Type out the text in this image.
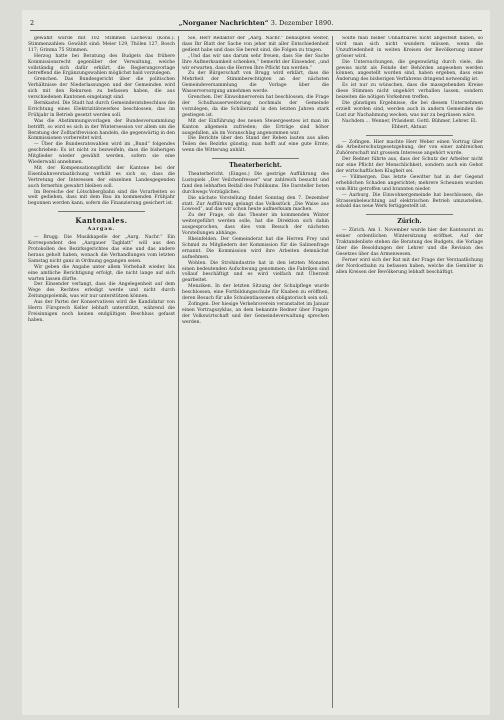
2	„Norganer Nachrichten“ 3. Dezember 1890.

gewählt wurde mit 102 Stimmen Lacheval (Kons.). Stimmenzahlen: Gewählt sind: Meier 129, Thölen 127, Bosch 117; Grinma 75 Stimmen.

Herzog hatte bei Beratung des Budgets das frühere Kommissionsrecht gegenüber der Verwaltung, welche vollständig sich dafür erklärt, die Regierungsvorlage betreffend die Ergänzungswahlen möglichst bald vorzulegen.

Grenchen. Das Bundesgericht über die politischen Verhältnisse der Niederlassungen und der Gemeinden wird sich mit den Rekursen zu befassen haben, die aus verschiedenen Kantonen eingelangt sind.

Bernkastel. Die Stadt hat durch Gemeinderatsbeschluss die Errichtung eines Elektrizitätswerkes beschlossen, das im Frühjahr in Betrieb gesetzt werden soll.

Was die Abstimmungsvorlagen der Bundesversammlung betrifft, so wird es sich in der Wintersession vor allem um die Beratung der Zolltarifrevision handeln, die gegenwärtig in den Kommissionen vorbereitet wird.

— Über die Bundesratswahlen wird im „Bund“ folgendes geschrieben: Es ist nicht zu bezweifeln, dass die bisherigen Mitglieder wieder gewählt werden, sofern sie eine Wiederwahl annehmen.

Mit der Kompensationspflicht der Kantone bei der Eisenbahnverstaatlichung verhält es sich so, dass die Vertretung der Interessen der einzelnen Landesgegenden auch fernerhin gewahrt bleiben soll.

Im Bereiche der Lötschbergbahn sind die Vorarbeiten so weit gediehen, dass mit dem Bau im kommenden Frühjahr begonnen werden kann, sofern die Finanzierung gesichert ist.

Kantonales.
Aargau.

— Brugg. Die Musikkapelle der „Aarg. Nachr.“ Ein Korrespondent des „Aargauer Tagblatt“ will aus den Protokollen des Bezirksgerichtes das eine und das andere heraus geholt haben, wonach die Verhandlungen vom letzten Samstag nicht ganz in Ordnung gegangen seien.

Wir geben die Angabe unter allem Vorbehalt wieder, bis eine amtliche Berichtigung erfolgt, die nicht lange auf sich warten lassen dürfte.

Der Einsender verlangt, dass die Angelegenheit auf dem Wege des Rechtes erledigt werde und nicht durch Zeitungspolemik, was wir nur unterstützen können.

Aus der Partei der Konservativen wird die Kandidatur von Herrn Fürsprech Keller lebhaft unterstützt, während die Freisinnigen noch keinen endgültigen Beschluss gefasst haben.

Sie, Herr Redaktor der „Aarg. Nachr.“ behaupten weiter, dass Ihr Blatt der Sache von jeher mit aller Entschiedenheit gedient habe und dass Sie bereit sind, die Folgen zu tragen.

„Und das wir uns darum sehr freuen, dass Sie der Sache Ihre Aufmerksamkeit schenken,“ bemerkt der Einsender, „und wir erwarten, dass die Herren Ihre Pflicht tun werden.“

Zu der Bürgerschaft von Brugg wird erklärt, dass die Mehrheit der Stimmberechtigten an der nächsten Gemeindeversammlung die Vorlage über die Wasserversorgung annehmen werde.

Grenchen. Der Einwohnerverein hat beschlossen, die Frage der Schulhauserweiterung nochmals der Gemeinde vorzulegen, da die Schülerzahl in den letzten Jahren stark gestiegen ist.

Mit der Einführung des neuen Steuergesetzes ist man im Kanton allgemein zufrieden; die Erträge sind höher ausgefallen, als im Voranschlag angenommen war.

Die Berichte über den Stand der Reben lauten aus allen Teilen des Bezirks günstig; man hofft auf eine gute Ernte, wenn die Witterung anhält.

Theaterbericht.

Theaterbericht. (Einges.) Die gestrige Aufführung des Lustspiels „Der Veilchenfresser“ war zahlreich besucht und fand den lebhaften Beifall des Publikums. Die Darsteller boten durchwegs Vorzügliches.

Die nächste Vorstellung findet Sonntag den 7. Dezember statt. Zur Aufführung gelangt das Volksstück „Die Waise aus Lowood“, auf das wir schon heute aufmerksam machen.

Zu der Frage, ob das Theater im kommenden Winter weitergeführt werden solle, hat die Direktion sich dahin ausgesprochen, dass dies vom Besuch der nächsten Vorstellungen abhänge.

Rheinfelden. Der Gemeinderat hat die Herren Frey und Schmid zu Mitgliedern der Kommission für die Salinenfrage ernannt. Die Kommission wird ihre Arbeiten demnächst aufnehmen.

Wohlen. Die Strohindustrie hat in den letzten Monaten einen bedeutenden Aufschwung genommen; die Fabriken sind vollauf beschäftigt und es wird vielfach mit Überzeit gearbeitet.

Menziken. In der letzten Sitzung der Schulpflege wurde beschlossen, eine Fortbildungsschule für Knaben zu eröffnen, deren Besuch für alle Schulentlassenen obligatorisch sein soll.

Zofingen. Der hiesige Verkehrsverein veranstaltet im Januar einen Vortragszyklus, an dem bekannte Redner über Fragen der Volkswirtschaft und der Gemeindeverwaltung sprechen werden.

Sollte man bisher Unhaltbares nicht abgestellt haben, so wird man sich nicht wundern müssen, wenn die Unzufriedenheit in weiten Kreisen der Bevölkerung immer grösser wird.

Die Untersuchungen, die gegenwärtig durch viele, die gewiss nicht als Feinde der Behörden angesehen werden können, angestellt worden sind, haben ergeben, dass eine Änderung des bisherigen Verfahrens dringend notwendig ist.

Es ist nur zu wünschen, dass die massgebenden Kreise diese Stimmen nicht ungehört verhallen lassen, sondern beizeiten die nötigen Vorkehren treffen.

Die günstigen Ergebnisse, die bei diesem Unternehmen erzielt worden sind, werden auch in andern Gemeinden die Lust zur Nachahmung wecken, was nur zu begrüssen wäre.

Nachdem ... Wenner, Präsident. Gottl. Bühmer, Lehrer. El. Ebbert, Aktuar.

— Zofingen. Hier machte Herr Weber einen Vortrag über die Arbeiterschutzgesetzgebung, der von einer zahlreichen Zuhörerschaft mit grossem Interesse angehört wurde.

Der Redner führte aus, dass der Schutz der Arbeiter nicht nur eine Pflicht der Menschlichkeit, sondern auch ein Gebot der wirtschaftlichen Klugheit sei.

— Villmergen. Das letzte Gewitter hat in der Gegend erheblichen Schaden angerichtet; mehrere Scheunen wurden vom Blitz getroffen und brannten nieder.

— Aarburg. Die Einwohnergemeinde hat beschlossen, die Strassenbeleuchtung auf elektrischen Betrieb umzustellen, sobald das neue Werk fertiggestellt ist.

Zürich.

— Zürich. Am 1. November wurde hier der Kantonsrat zu seiner ordentlichen Wintersitzung eröffnet. Auf der Traktandenliste stehen die Beratung des Budgets, die Vorlage über die Besoldungen der Lehrer und die Revision des Gesetzes über das Armenwesen.

Ferner wird sich der Rat mit der Frage der Verstaatlichung der Nordostbahn zu befassen haben, welche die Gemüter in allen Kreisen der Bevölkerung lebhaft beschäftigt.
